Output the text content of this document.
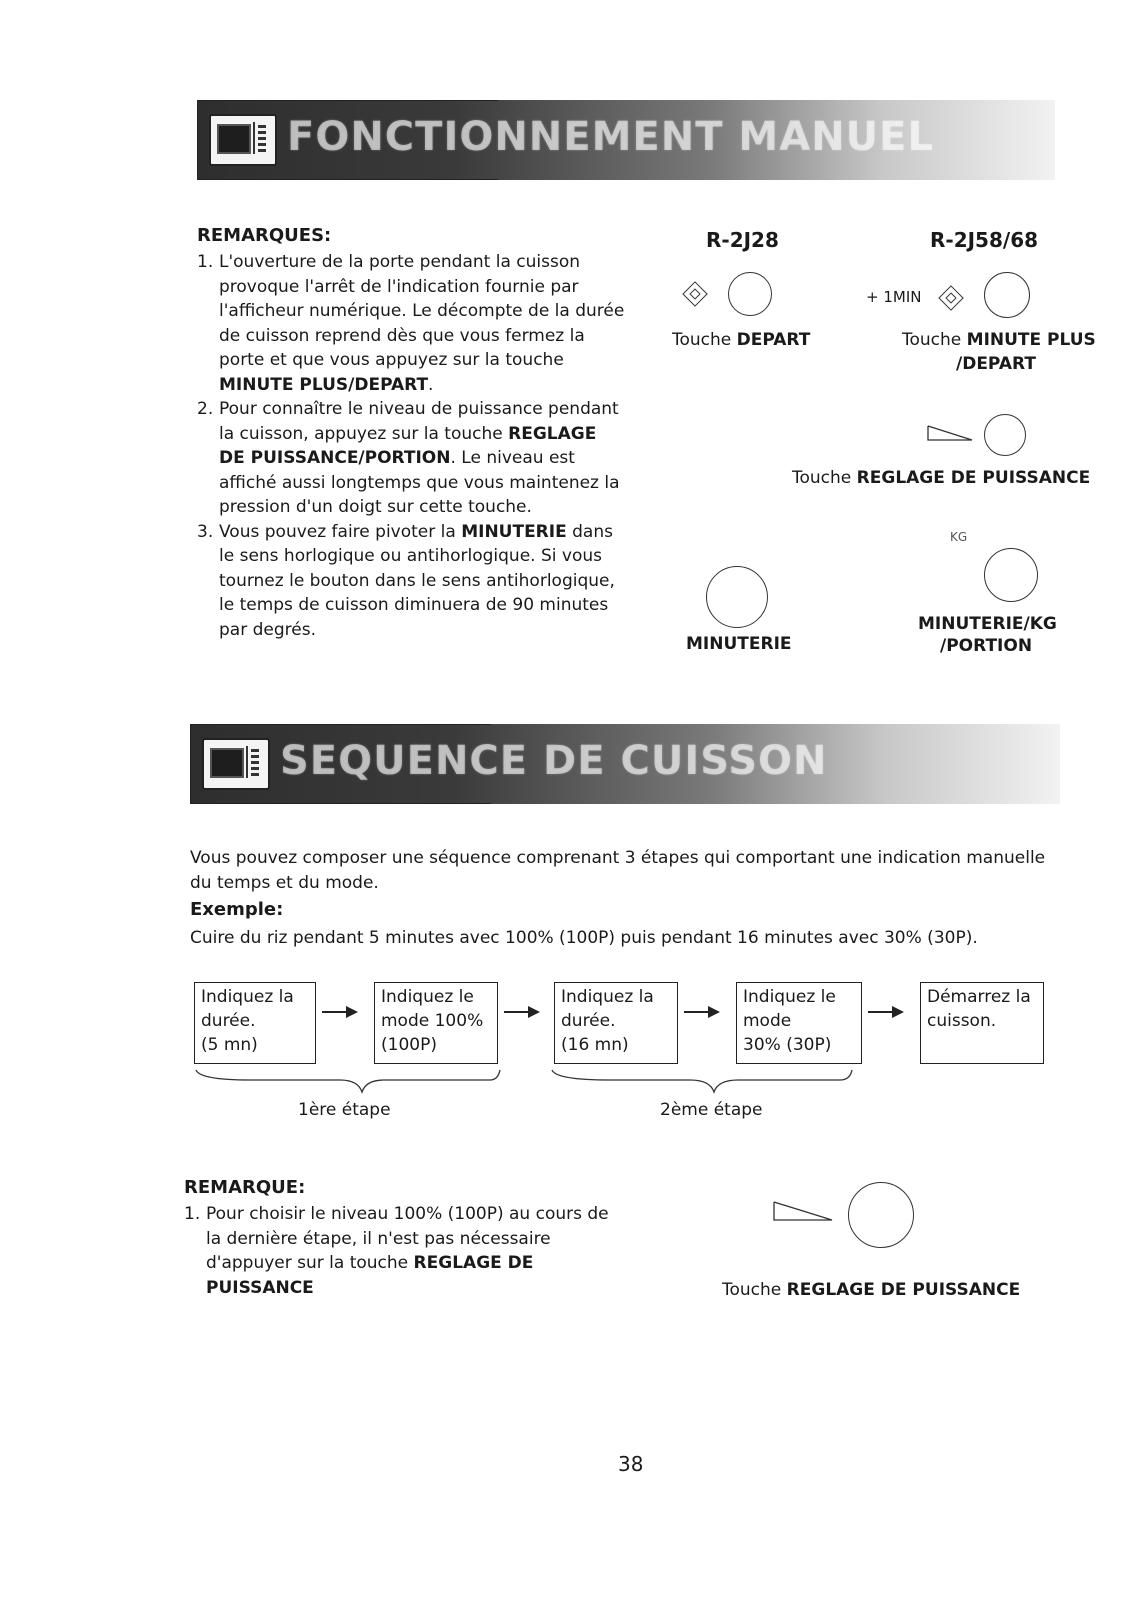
FONCTIONNEMENT MANUEL
REMARQUES:
1. L'ouverture de la porte pendant la cuisson provoque l'arrêt de l'indication fournie par l'afficheur numérique. Le décompte de la durée de cuisson reprend dès que vous fermez la porte et que vous appuyez sur la touche MINUTE PLUS/DEPART.
2. Pour connaître le niveau de puissance pendant la cuisson, appuyez sur la touche REGLAGE DE PUISSANCE/PORTION. Le niveau est affiché aussi longtemps que vous maintenez la pression d'un doigt sur cette touche.
3. Vous pouvez faire pivoter la MINUTERIE dans le sens horlogique ou antihorlogique. Si vous tournez le bouton dans le sens antihorlogique, le temps de cuisson diminuera de 90 minutes par degrés.
R-2J28	R-2J58/68
Touche DEPART
+ 1MIN
Touche MINUTE PLUS
/DEPART
Touche REGLAGE DE PUISSANCE
MINUTERIE
KG
MINUTERIE/KG
/PORTION
SEQUENCE DE CUISSON
Vous pouvez composer une séquence comprenant 3 étapes qui comportant une indication manuelle du temps et du mode.
Exemple:
Cuire du riz pendant 5 minutes avec 100% (100P) puis pendant 16 minutes avec 30% (30P).
Indiquez la
durée.
(5 mn)
Indiquez le
mode 100%
(100P)
Indiquez la
durée.
(16 mn)
Indiquez le
mode
30% (30P)
Démarrez la
cuisson.
1ère étape	2ème étape
REMARQUE:
1. Pour choisir le niveau 100% (100P) au cours de la dernière étape, il n'est pas nécessaire d'appuyer sur la touche REGLAGE DE PUISSANCE	Touche REGLAGE DE PUISSANCE
38
